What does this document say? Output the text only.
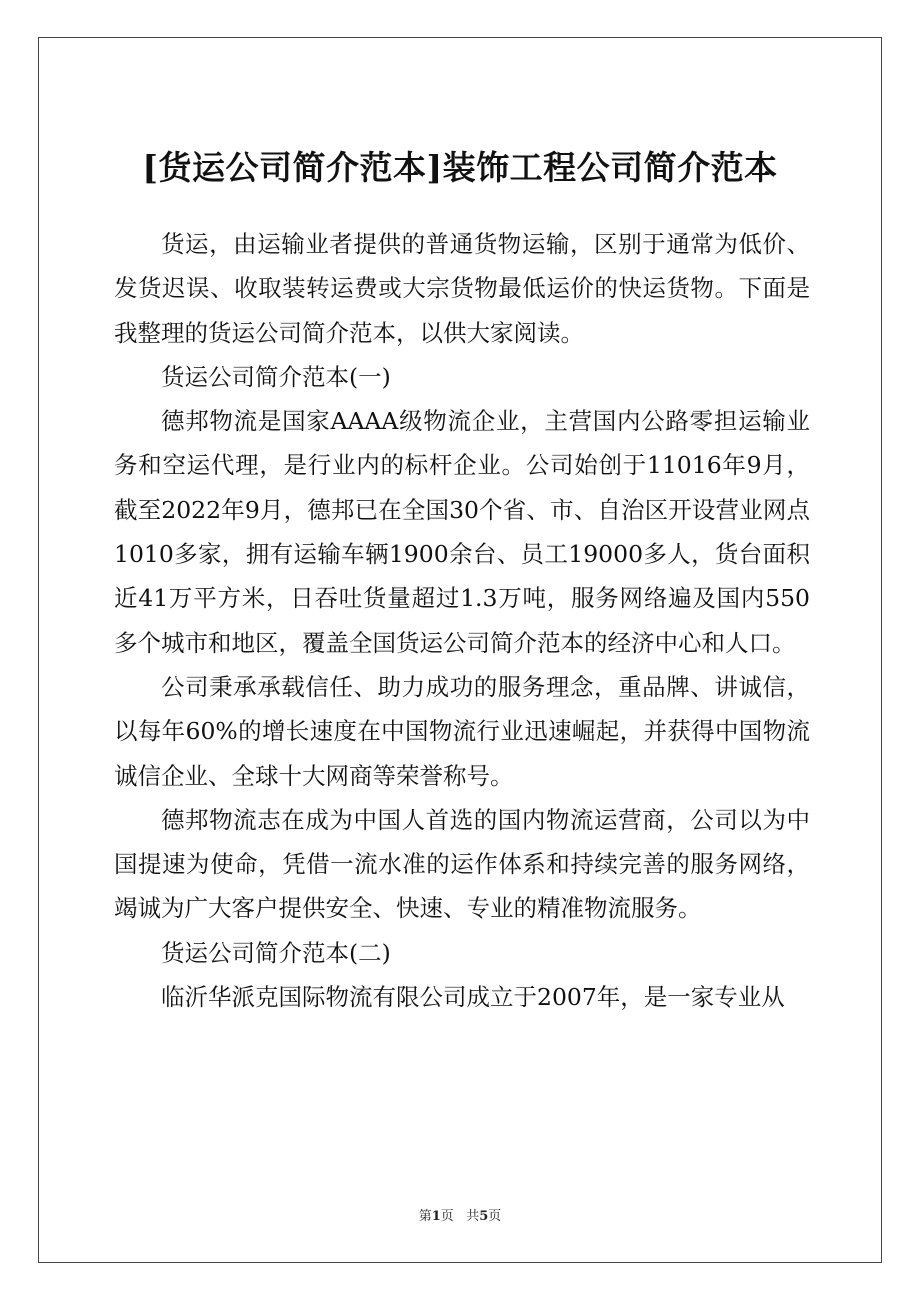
[货运公司简介范本]装饰工程公司简介范本

货运，由运输业者提供的普通货物运输，区别于通常为低价、发货迟误、收取装转运费或大宗货物最低运价的快运货物。下面是我整理的货运公司简介范本，以供大家阅读。

货运公司简介范本(一)

德邦物流是国家AAAA级物流企业，主营国内公路零担运输业务和空运代理，是行业内的标杆企业。公司始创于11016年9月，截至2022年9月，德邦已在全国30个省、市、自治区开设营业网点1010多家，拥有运输车辆1900余台、员工19000多人，货台面积近41万平方米，日吞吐货量超过1.3万吨，服务网络遍及国内550多个城市和地区，覆盖全国货运公司简介范本的经济中心和人口。

公司秉承承载信任、助力成功的服务理念，重品牌、讲诚信，以每年60%的增长速度在中国物流行业迅速崛起，并获得中国物流诚信企业、全球十大网商等荣誉称号。

德邦物流志在成为中国人首选的国内物流运营商，公司以为中国提速为使命，凭借一流水准的运作体系和持续完善的服务网络，竭诚为广大客户提供安全、快速、专业的精准物流服务。

货运公司简介范本(二)

临沂华派克国际物流有限公司成立于2007年，是一家专业从

第1页 共5页
